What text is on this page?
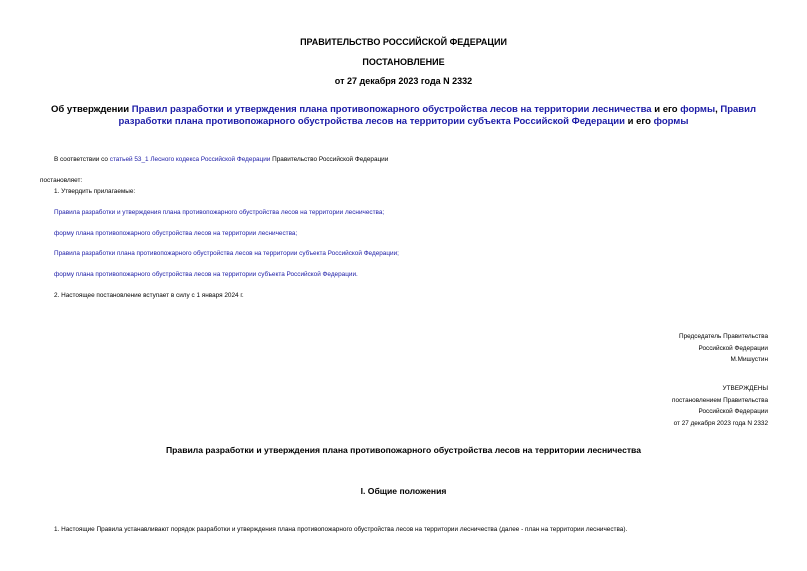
ПРАВИТЕЛЬСТВО РОССИЙСКОЙ ФЕДЕРАЦИИ
ПОСТАНОВЛЕНИЕ
от 27 декабря 2023 года N 2332
Об утверждении Правил разработки и утверждения плана противопожарного обустройства лесов на территории лесничества и его формы, Правил разработки плана противопожарного обустройства лесов на территории субъекта Российской Федерации и его формы
В соответствии со статьей 53_1 Лесного кодекса Российской Федерации Правительство Российской Федерации
постановляет:
1. Утвердить прилагаемые:
Правила разработки и утверждения плана противопожарного обустройства лесов на территории лесничества;
форму плана противопожарного обустройства лесов на территории лесничества;
Правила разработки плана противопожарного обустройства лесов на территории субъекта Российской Федерации;
форму плана противопожарного обустройства лесов на территории субъекта Российской Федерации.
2. Настоящее постановление вступает в силу с 1 января 2024 г.
Председатель Правительства
Российской Федерации
М.Мишустин
УТВЕРЖДЕНЫ
постановлением Правительства
Российской Федерации
от 27 декабря 2023 года N 2332
Правила разработки и утверждения плана противопожарного обустройства лесов на территории лесничества
I. Общие положения
1. Настоящие Правила устанавливают порядок разработки и утверждения плана противопожарного обустройства лесов на территории лесничества (далее - план на территории лесничества).
